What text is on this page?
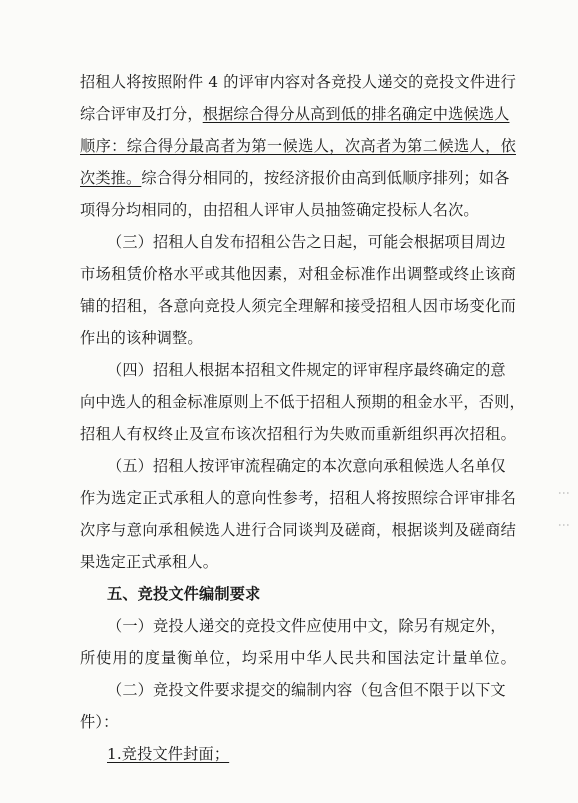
招租人将按照附件 4 的评审内容对各竞投人递交的竞投文件进行
综合评审及打分，根据综合得分从高到低的排名确定中选候选人
顺序：综合得分最高者为第一候选人，次高者为第二候选人，依
次类推。综合得分相同的，按经济报价由高到低顺序排列；如各
项得分均相同的，由招租人评审人员抽签确定投标人名次。
（三）招租人自发布招租公告之日起，可能会根据项目周边
市场租赁价格水平或其他因素，对租金标准作出调整或终止该商
铺的招租，各意向竞投人须完全理解和接受招租人因市场变化而
作出的该种调整。
（四）招租人根据本招租文件规定的评审程序最终确定的意
向中选人的租金标准原则上不低于招租人预期的租金水平，否则，
招租人有权终止及宣布该次招租行为失败而重新组织再次招租。
（五）招租人按评审流程确定的本次意向承租候选人名单仅
作为选定正式承租人的意向性参考，招租人将按照综合评审排名
次序与意向承租候选人进行合同谈判及磋商，根据谈判及磋商结
果选定正式承租人。
五、竞投文件编制要求
（一）竞投人递交的竞投文件应使用中文，除另有规定外，
所使用的度量衡单位，均采用中华人民共和国法定计量单位。
（二）竞投文件要求提交的编制内容（包含但不限于以下文
件）：
1.竞投文件封面；
⋮
⋮
